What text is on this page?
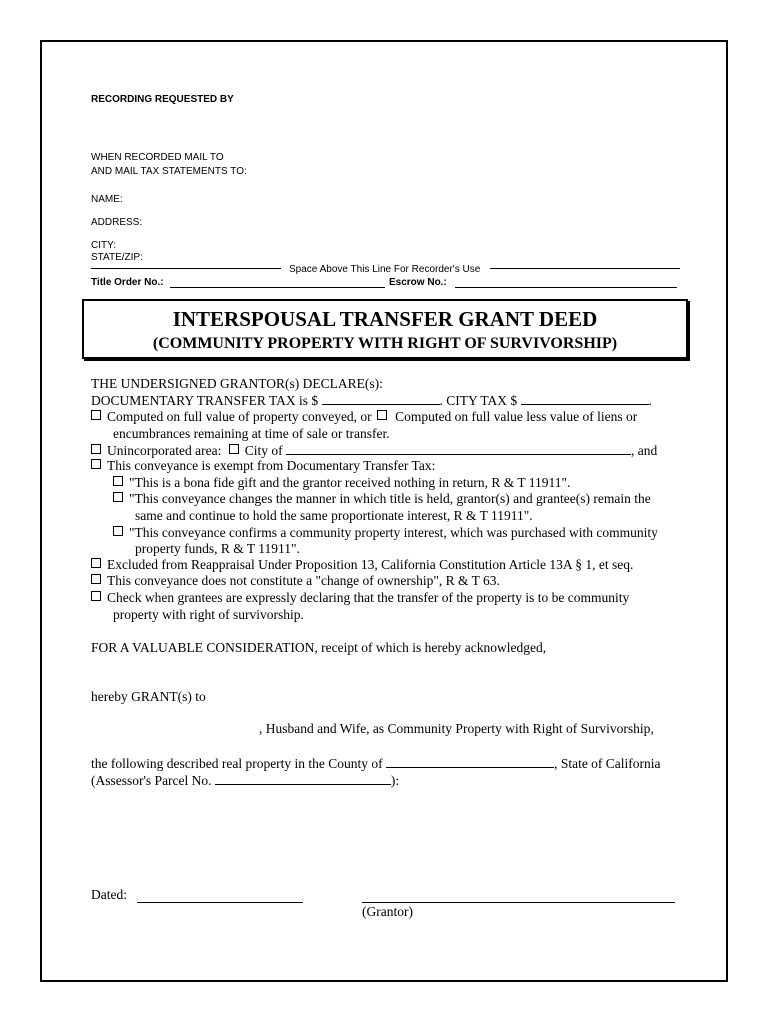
RECORDING REQUESTED BY
WHEN RECORDED MAIL TO
AND MAIL TAX STATEMENTS TO:
NAME:
ADDRESS:
CITY:
STATE/ZIP:
Space Above This Line For Recorder's Use
Title Order No.:	Escrow No.:
INTERSPOUSAL TRANSFER GRANT DEED
(COMMUNITY PROPERTY WITH RIGHT OF SURVIVORSHIP)
THE UNDERSIGNED GRANTOR(s) DECLARE(s):
DOCUMENTARY TRANSFER TAX is $	. CITY TAX $	.
Computed on full value of property conveyed, or Computed on full value less value of liens or
encumbrances remaining at time of sale or transfer.
Unincorporated area: City of	, and
This conveyance is exempt from Documentary Transfer Tax:
"This is a bona fide gift and the grantor received nothing in return, R & T 11911".
"This conveyance changes the manner in which title is held, grantor(s) and grantee(s) remain the
same and continue to hold the same proportionate interest, R & T 11911".
"This conveyance confirms a community property interest, which was purchased with community
property funds, R & T 11911".
Excluded from Reappraisal Under Proposition 13, California Constitution Article 13A § 1, et seq.
This conveyance does not constitute a "change of ownership", R & T 63.
Check when grantees are expressly declaring that the transfer of the property is to be community
property with right of survivorship.
FOR A VALUABLE CONSIDERATION, receipt of which is hereby acknowledged,
hereby GRANT(s) to
, Husband and Wife, as Community Property with Right of Survivorship,
the following described real property in the County of	, State of California
(Assessor's Parcel No.	):
Dated:
(Grantor)
